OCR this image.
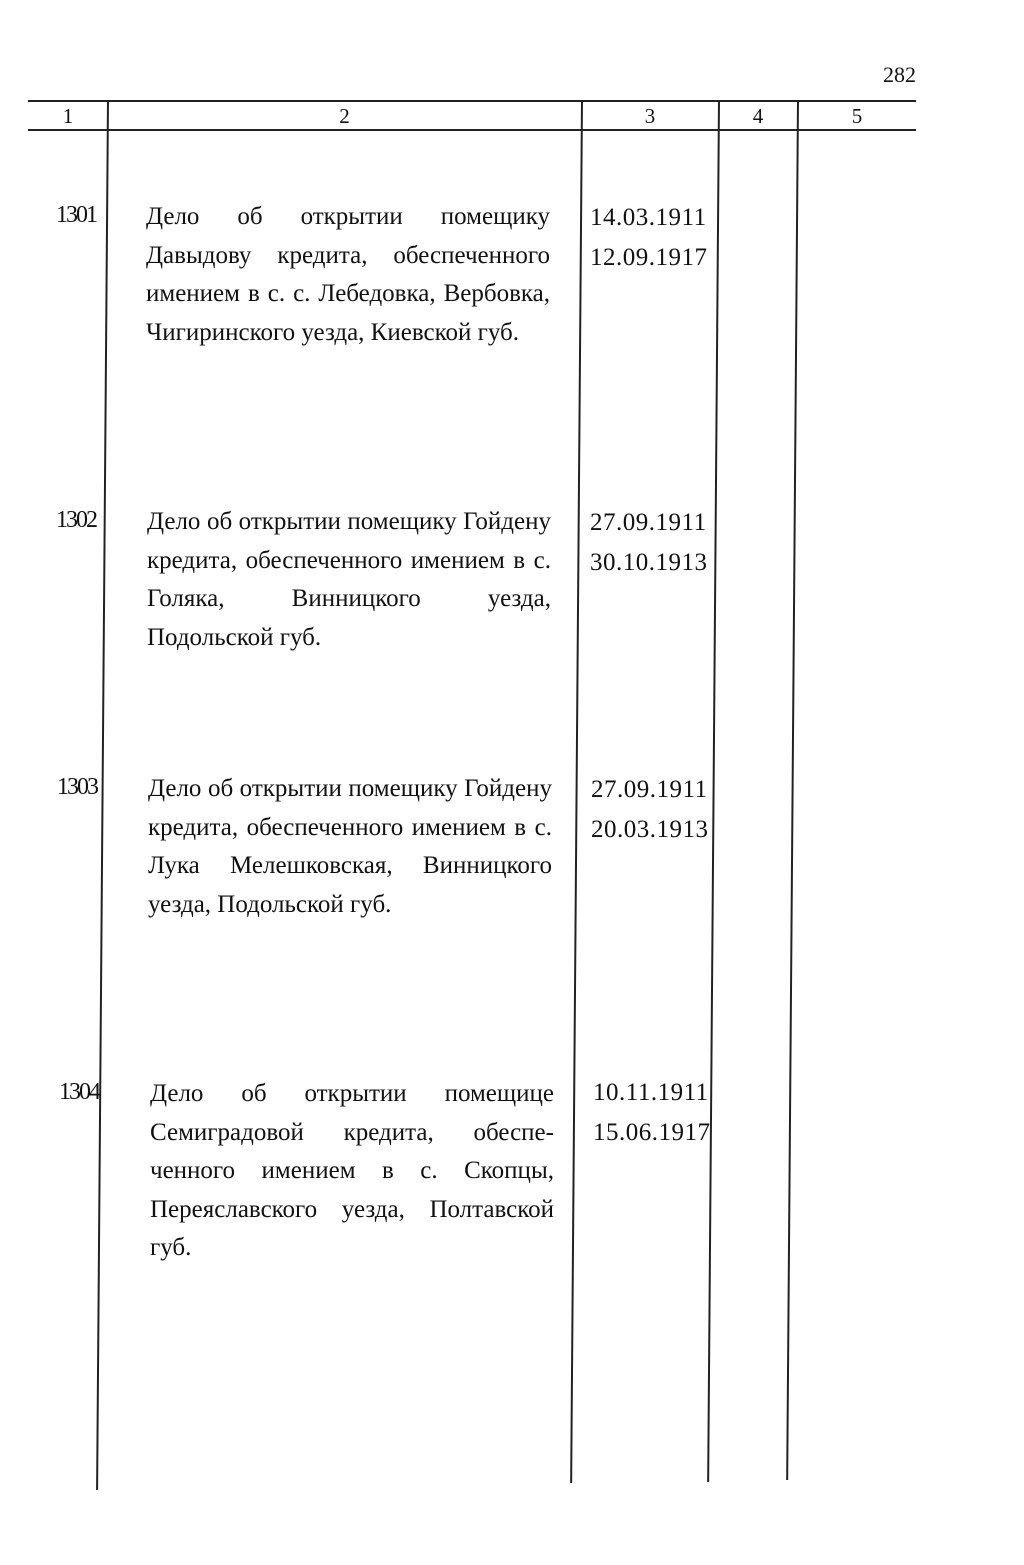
282
1	2	3	4	5
1301 Дело об открытии помещику Давыдову кредита, обеспеченного имением в с. с. Лебедовка, Вербовка, Чигиринского уезда, Киевской губ.
14.03.1911
12.09.1917
1302 Дело об открытии помещику Гойдену кредита, обеспеченного имением в с. Голяка, Винницкого уезда, Подольской губ.
27.09.1911
30.10.1913
1303 Дело об открытии помещику Гойдену кредита, обеспеченного имением в с. Лука Мелешковская, Винницкого уезда, Подольской губ.
27.09.1911
20.03.1913
1304 Дело об открытии помещице Семиградовой кредита, обеспеченного имением в с. Скопцы, Переяславского уезда, Полтавской губ.
10.11.1911
15.06.1917
